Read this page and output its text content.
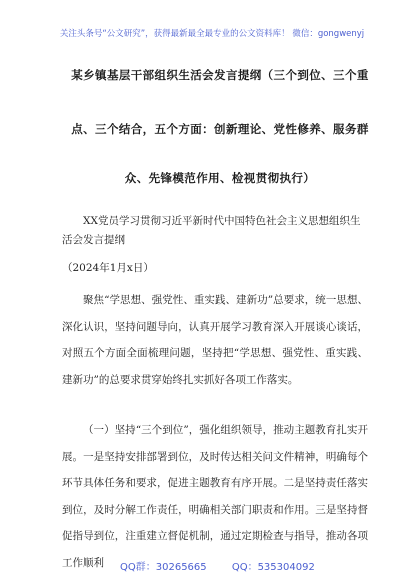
关注头条号“公文研究”，获得最新最全最专业的公文资料库！ 微信：gongwenyj
某乡镇基层干部组织生活会发言提纲（三个到位、三个重
点、三个结合，五个方面：创新理论、党性修养、服务群
众、先锋模范作用、检视贯彻执行）

XX党员学习贯彻习近平新时代中国特色社会主义思想组织生活会发言提纲

（2024年1月x日）

聚焦“学思想、强党性、重实践、建新功”总要求，统一思想、深化认识，坚持问题导向，认真开展学习教育深入开展谈心谈话，对照五个方面全面梳理问题，坚持把“学思想、强党性、重实践、建新功”的总要求贯穿始终扎实抓好各项工作落实。

（一）坚持“三个到位”，强化组织领导，推动主题教育扎实开展。一是坚持安排部署到位，及时传达相关问文件精神，明确每个环节具体任务和要求，促进主题教育有序开展。二是坚持责任落实到位，及时分解工作责任，明确相关部门职责和作用。三是坚持督促指导到位，注重建立督促机制，通过定期检查与指导，推动各项工作顺利	QQ群：30265665	QQ：535304092
